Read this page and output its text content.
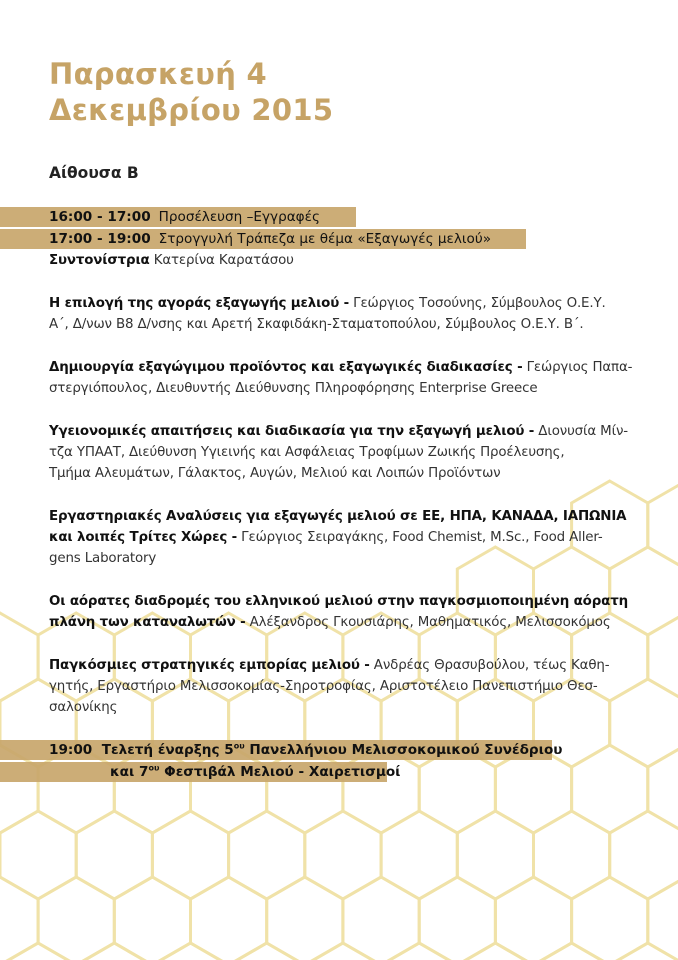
Παρασκευή 4
Δεκεμβρίου 2015
Αίθουσα Β
16:00 - 17:00 Προσέλευση –Εγγραφές
17:00 - 19:00 Στρογγυλή Τράπεζα με θέμα «Εξαγωγές μελιού»
Συντονίστρια Κατερίνα Καρατάσου
Η επιλογή της αγοράς εξαγωγής μελιού - Γεώργιος Τοσούνης, Σύμβουλος Ο.Ε.Υ.
Α΄, Δ/νων Β8 Δ/νσης και Αρετή Σκαφιδάκη-Σταματοπούλου, Σύμβουλος Ο.Ε.Υ. Β΄.
Δημιουργία εξαγώγιμου προϊόντος και εξαγωγικές διαδικασίες - Γεώργιος Παπα-
στεργιόπουλος, Διευθυντής Διεύθυνσης Πληροφόρησης Enterprise Greece
Υγειονομικές απαιτήσεις και διαδικασία για την εξαγωγή μελιού - Διονυσία Μίν-
τζα ΥΠΑΑΤ, Διεύθυνση Υγιεινής και Ασφάλειας Τροφίμων Ζωικής Προέλευσης,
Τμήμα Αλευμάτων, Γάλακτος, Αυγών, Μελιού και Λοιπών Προϊόντων
Εργαστηριακές Αναλύσεις για εξαγωγές μελιού σε ΕΕ, ΗΠΑ, ΚΑΝΑΔΑ, ΙΑΠΩΝΙΑ
και λοιπές Τρίτες Χώρες - Γεώργιος Σειραγάκης, Food Chemist, M.Sc., Food Aller-
gens Laboratory
Οι αόρατες διαδρομές του ελληνικού μελιού στην παγκοσμιοποιημένη αόρατη
πλάνη των καταναλωτών - Αλέξανδρος Γκουσιάρης, Μαθηματικός, Μελισσοκόμος
Παγκόσμιες στρατηγικές εμπορίας μελιού - Ανδρέας Θρασυβούλου, τέως Καθη-
γητής, Εργαστήριο Μελισσοκομίας-Σηροτροφίας, Αριστοτέλειο Πανεπιστήμιο Θεσ-
σαλονίκης
19:00 Τελετή έναρξης $5^{o\upsilon}$ Πανελλήνιου Μελισσοκομικού Συνέδριου
και $7^{o\upsilon}$ Φεστιβάλ Μελιού - Χαιρετισμοί
